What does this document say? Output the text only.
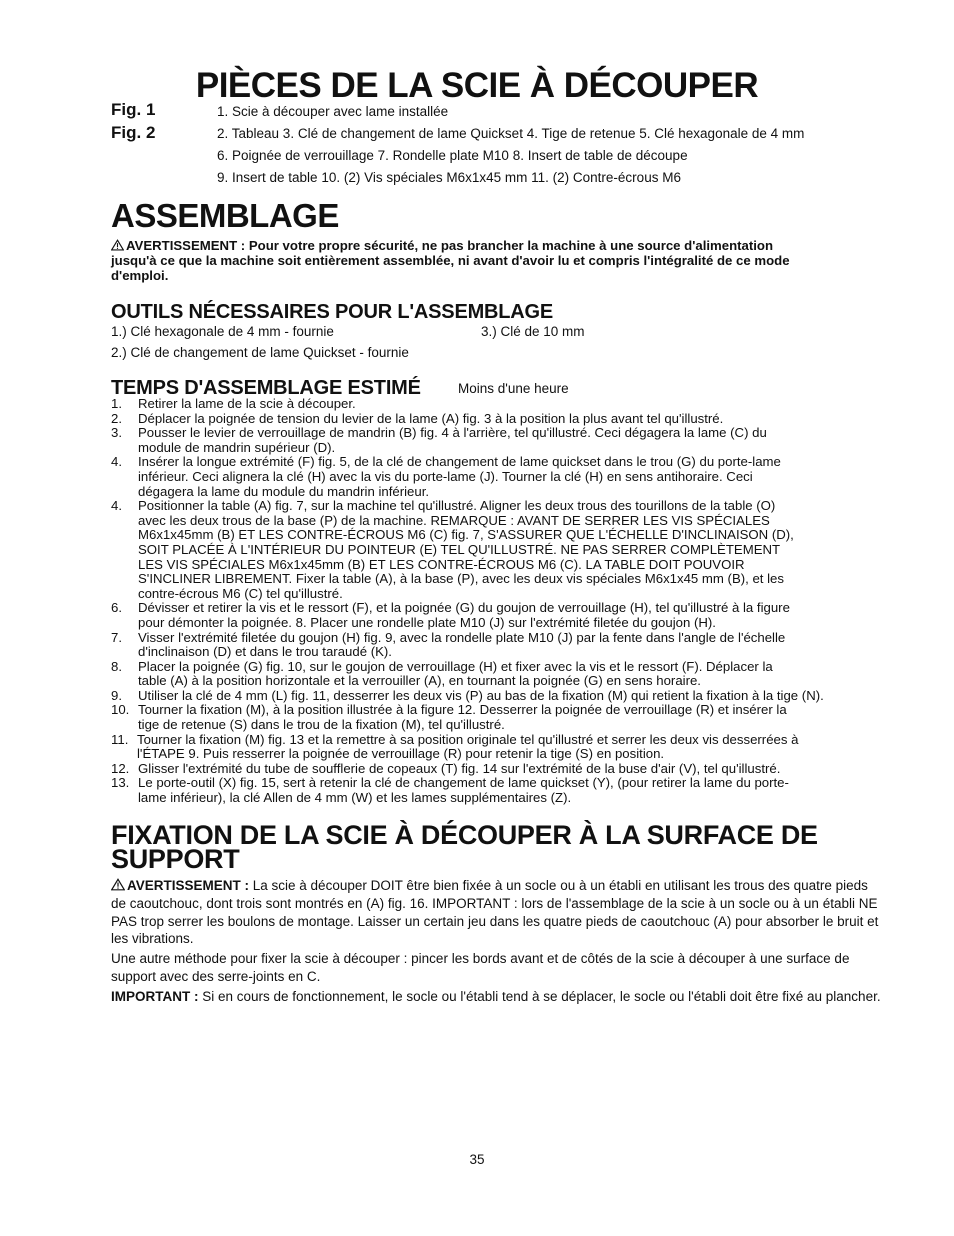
PIÈCES DE LA SCIE À DÉCOUPER
Fig. 1
Fig. 2
1. Scie à découper avec lame installée
2. Tableau 3. Clé de changement de lame Quickset 4. Tige de retenue 5. Clé hexagonale de 4 mm
6. Poignée de verrouillage 7. Rondelle plate M10 8. Insert de table de découpe
9. Insert de table 10. (2) Vis spéciales M6x1x45 mm 11. (2) Contre-écrous M6
ASSEMBLAGE
AVERTISSEMENT : Pour votre propre sécurité, ne pas brancher la machine à une source d'alimentation
jusqu'à ce que la machine soit entièrement assemblée, ni avant d'avoir lu et compris l'intégralité de ce mode
d'emploi.
OUTILS NÉCESSAIRES POUR L'ASSEMBLAGE
1.) Clé hexagonale de 4 mm - fournie	3.) Clé de 10 mm
2.) Clé de changement de lame Quickset - fournie
TEMPS D'ASSEMBLAGE ESTIMÉ	Moins d'une heure
1. Retirer la lame de la scie à découper.
2. Déplacer la poignée de tension du levier de la lame (A) fig. 3 à la position la plus avant tel qu'illustré.
3. Pousser le levier de verrouillage de mandrin (B) fig. 4 à l'arrière, tel qu'illustré. Ceci dégagera la lame (C) du
module de mandrin supérieur (D).
4. Insérer la longue extrémité (F) fig. 5, de la clé de changement de lame quickset dans le trou (G) du porte-lame
inférieur. Ceci alignera la clé (H) avec la vis du porte-lame (J). Tourner la clé (H) en sens antihoraire. Ceci
dégagera la lame du module du mandrin inférieur.
4. Positionner la table (A) fig. 7, sur la machine tel qu'illustré. Aligner les deux trous des tourillons de la table (O)
avec les deux trous de la base (P) de la machine. REMARQUE : AVANT DE SERRER LES VIS SPÉCIALES
M6x1x45mm (B) ET LES CONTRE-ÉCROUS M6 (C) fig. 7, S'ASSURER QUE L'ÉCHELLE D'INCLINAISON (D),
SOIT PLACÉE À L'INTÉRIEUR DU POINTEUR (E) TEL QU'ILLUSTRÉ. NE PAS SERRER COMPLÈTEMENT
LES VIS SPÉCIALES M6x1x45mm (B) ET LES CONTRE-ÉCROUS M6 (C). LA TABLE DOIT POUVOIR
S'INCLINER LIBREMENT. Fixer la table (A), à la base (P), avec les deux vis spéciales M6x1x45 mm (B), et les
contre-écrous M6 (C) tel qu'illustré.
6. Dévisser et retirer la vis et le ressort (F), et la poignée (G) du goujon de verrouillage (H), tel qu'illustré à la figure
pour démonter la poignée. 8. Placer une rondelle plate M10 (J) sur l'extrémité filetée du goujon (H).
7. Visser l'extrémité filetée du goujon (H) fig. 9, avec la rondelle plate M10 (J) par la fente dans l'angle de l'échelle
d'inclinaison (D) et dans le trou taraudé (K).
8. Placer la poignée (G) fig. 10, sur le goujon de verrouillage (H) et fixer avec la vis et le ressort (F). Déplacer la
table (A) à la position horizontale et la verrouiller (A), en tournant la poignée (G) en sens horaire.
9. Utiliser la clé de 4 mm (L) fig. 11, desserrer les deux vis (P) au bas de la fixation (M) qui retient la fixation à la tige (N).
10. Tourner la fixation (M), à la position illustrée à la figure 12. Desserrer la poignée de verrouillage (R) et insérer la
tige de retenue (S) dans le trou de la fixation (M), tel qu'illustré.
11. Tourner la fixation (M) fig. 13 et la remettre à sa position originale tel qu'illustré et serrer les deux vis desserrées à
l'ÉTAPE 9. Puis resserrer la poignée de verrouillage (R) pour retenir la tige (S) en position.
12. Glisser l'extrémité du tube de soufflerie de copeaux (T) fig. 14 sur l'extrémité de la buse d'air (V), tel qu'illustré.
13. Le porte-outil (X) fig. 15, sert à retenir la clé de changement de lame quickset (Y), (pour retirer la lame du porte-
lame inférieur), la clé Allen de 4 mm (W) et les lames supplémentaires (Z).
FIXATION DE LA SCIE À DÉCOUPER À LA SURFACE DE
SUPPORT

AVERTISSEMENT : La scie à découper DOIT être bien fixée à un socle ou à un établi en utilisant les trous des quatre pieds de caoutchouc, dont trois sont montrés en (A) fig. 16. IMPORTANT : lors de l'assemblage de la scie à un socle ou à un établi NE PAS trop serrer les boulons de montage. Laisser un certain jeu dans les quatre pieds de caoutchouc (A) pour absorber le bruit et les vibrations.

Une autre méthode pour fixer la scie à découper : pincer les bords avant et de côtés de la scie à découper à une surface de support avec des serre-joints en C.

IMPORTANT : Si en cours de fonctionnement, le socle ou l'établi tend à se déplacer, le socle ou l'établi doit être fixé au plancher.

35
